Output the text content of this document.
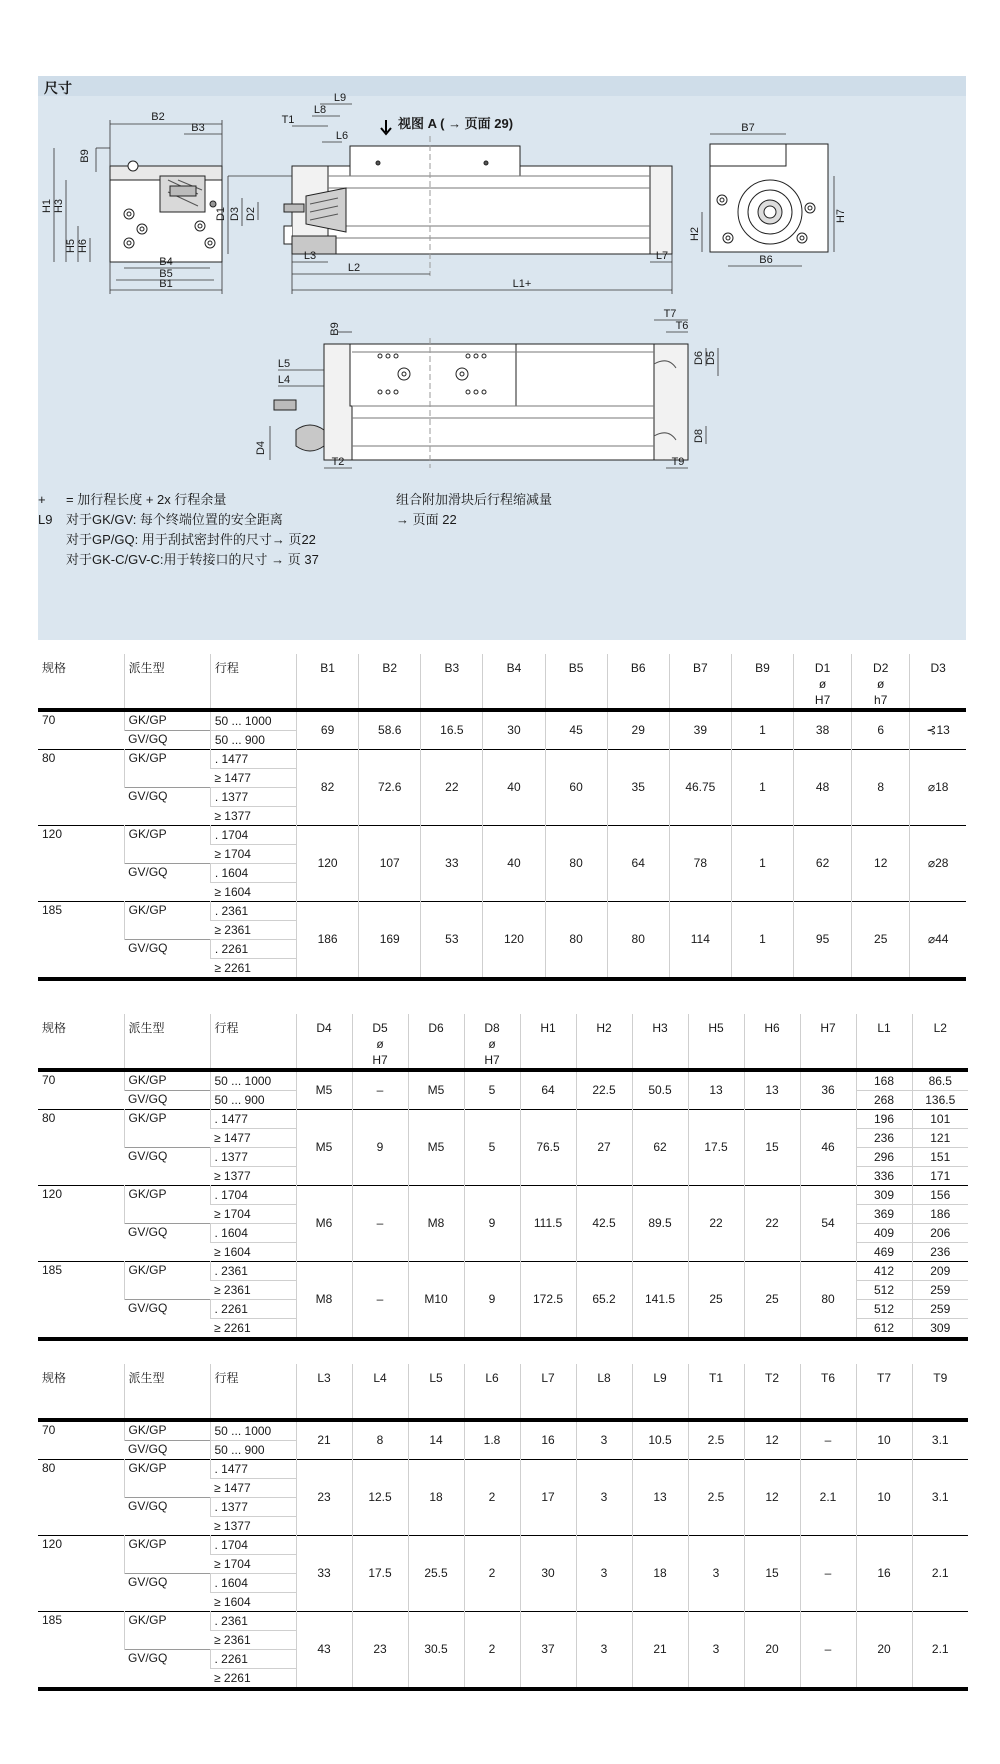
尺寸
B2
B3
B9
H1 H3
H5 H6
B4
B5
B1
T1
L8
L9
L6
D1 D3 D2
L3
L2
L1+
L7
B7
H2
H7
B6
B9
L5
L4
D4
T2
T7
T6
D6 D5
D8
T9
视图 A ( → 页面 29)
+ = 加行程长度 + 2x 行程余量
L9 对于GK/GV: 每个终端位置的安全距离
对于GP/GQ: 用于刮拭密封件的尺寸→ 页22
对于GK-C/GV-C:用于转接口的尺寸 → 页 37
组合附加滑块后行程缩减量
→ 页面 22
规格	派生型	行程	B1	B2	B3	B4	B5	B6	B7	B9	D1
ø
H7	D2
ø
h7	D3
70	GK/GP	50 ... 1000	69	58.6	16.5	30	45	29	39	1	38	6	⊰13
	GV/GQ	50 ... 900											
80	GK/GP	. 1477	82	72.6	22	40	60	35	46.75	1	48	8	⌀18
		≥ 1477											
	GV/GQ	. 1377											
		≥ 1377											
120	GK/GP	. 1704	120	107	33	40	80	64	78	1	62	12	⌀28
		≥ 1704											
	GV/GQ	. 1604											
		≥ 1604											
185	GK/GP	. 2361	186	169	53	120	80	80	114	1	95	25	⌀44
		≥ 2361											
	GV/GQ	. 2261											
		≥ 2261											
规格	派生型	行程	D4	D5
ø
H7	D6	D8
ø
H7	H1	H2	H3	H5	H6	H7	L1	L2
70	GK/GP	50 ... 1000	M5	–	M5	5	64	22.5	50.5	13	13	36	168	86.5
	GV/GQ	50 ... 900											268	136.5
80	GK/GP	. 1477	M5	9	M5	5	76.5	27	62	17.5	15	46	196	101
		≥ 1477											236	121
	GV/GQ	. 1377											296	151
		≥ 1377											336	171
120	GK/GP	. 1704	M6	–	M8	9	111.5	42.5	89.5	22	22	54	309	156
		≥ 1704											369	186
	GV/GQ	. 1604											409	206
		≥ 1604											469	236
185	GK/GP	. 2361	M8	–	M10	9	172.5	65.2	141.5	25	25	80	412	209
		≥ 2361											512	259
	GV/GQ	. 2261											512	259
		≥ 2261											612	309
规格	派生型	行程	L3	L4	L5	L6	L7	L8	L9	T1	T2	T6	T7	T9
70	GK/GP	50 ... 1000	21	8	14	1.8	16	3	10.5	2.5	12	–	10	3.1
	GV/GQ	50 ... 900												
80	GK/GP	. 1477	23	12.5	18	2	17	3	13	2.5	12	2.1	10	3.1
		≥ 1477												
	GV/GQ	. 1377												
		≥ 1377												
120	GK/GP	. 1704	33	17.5	25.5	2	30	3	18	3	15	–	16	2.1
		≥ 1704												
	GV/GQ	. 1604												
		≥ 1604												
185	GK/GP	. 2361	43	23	30.5	2	37	3	21	3	20	–	20	2.1
		≥ 2361												
	GV/GQ	. 2261												
		≥ 2261												
